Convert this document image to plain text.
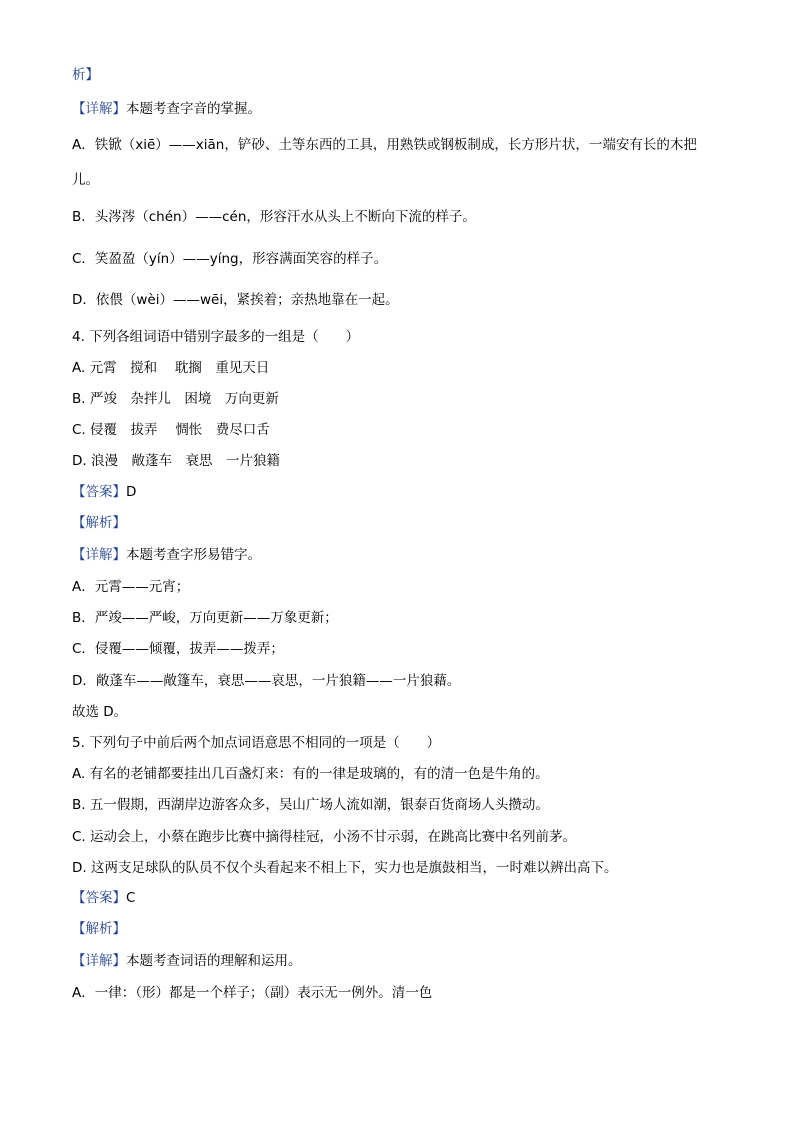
析】
【详解】本题考查字音的掌握。
A．铁锨（xiē）——xiān，铲砂、土等东西的工具，用熟铁或钢板制成，长方形片状，一端安有长的木把
儿。
B．头涔涔（chén）——cén，形容汗水从头上不断向下流的样子。
C．笑盈盈（yín）——yíng，形容满面笑容的样子。
D．依偎（wèi）——wēi，紧挨着；亲热地靠在一起。
4. 下列各组词语中错别字最多的一组是（　　）
A. 元霄　搅和　 耽搁　重见天日
B. 严竣　杂拌儿　困境　万向更新
C. 侵覆　拔弄　 惆怅　费尽口舌
D. 浪漫　敞蓬车　衰思　一片狼籍
【答案】D
【解析】
【详解】本题考查字形易错字。
A．元霄——元宵；
B．严竣——严峻，万向更新——万象更新；
C．侵覆——倾覆，拔弄——拨弄；
D．敞蓬车——敞篷车，衰思——哀思，一片狼籍——一片狼藉。
故选 D。
5. 下列句子中前后两个加点词语意思不相同的一项是（　　）
A. 有名的老铺都要挂出几百盏灯来：有的一律是玻璃的，有的清一色是牛角的。
B. 五一假期，西湖岸边游客众多，吴山广场人流如潮，银泰百货商场人头攒动。
C. 运动会上，小蔡在跑步比赛中摘得桂冠，小汤不甘示弱，在跳高比赛中名列前茅。
D. 这两支足球队的队员不仅个头看起来不相上下，实力也是旗鼓相当，一时难以辨出高下。
【答案】C
【解析】
【详解】本题考查词语的理解和运用。
A．一律：（形）都是一个样子；（副）表示无一例外。清一色
